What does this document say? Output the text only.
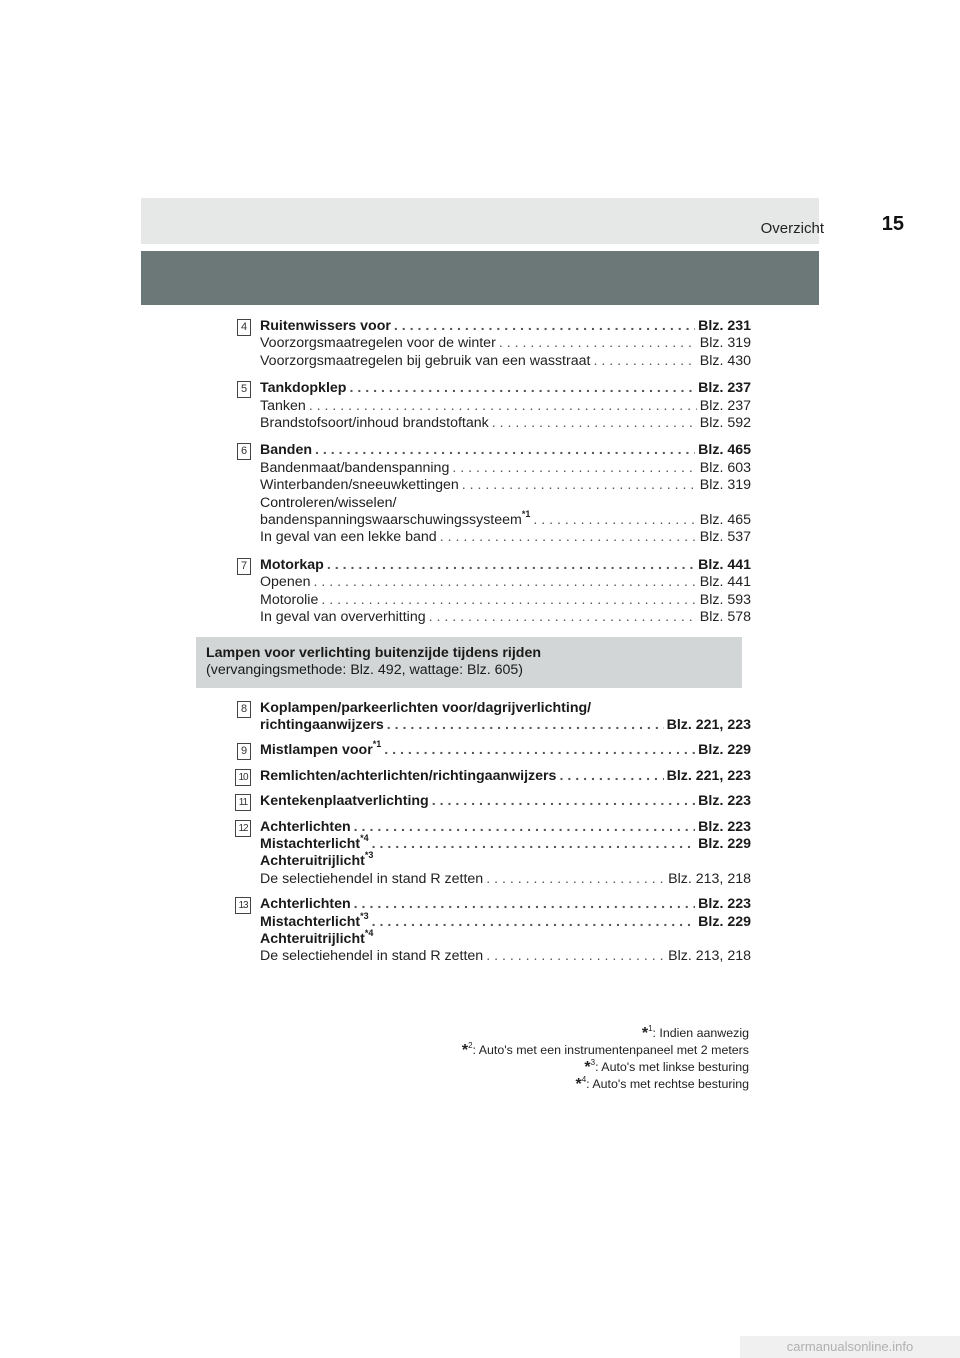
Overzicht	15
4 Ruitenwissers voor . . .	Blz. 231
Voorzorgsmaatregelen voor de winter . . .	Blz. 319
Voorzorgsmaatregelen bij gebruik van een wasstraat . . .	Blz. 430
5 Tankdopklep . . .	Blz. 237
Tanken . . .	Blz. 237
Brandstofsoort/inhoud brandstoftank . . .	Blz. 592
6 Banden . . .	Blz. 465
Bandenmaat/bandenspanning . . .	Blz. 603
Winterbanden/sneeuwkettingen . . .	Blz. 319
Controleren/wisselen/
bandenspanningswaarschuwingssysteem$^{*1}$ . . .	Blz. 465
In geval van een lekke band . . .	Blz. 537
7 Motorkap . . .	Blz. 441
Openen . . .	Blz. 441
Motorolie . . .	Blz. 593
In geval van oververhitting . . .	Blz. 578
Lampen voor verlichting buitenzijde tijdens rijden
(vervangingsmethode: Blz. 492, wattage: Blz. 605)
8 Koplampen/parkeerlichten voor/dagrijverlichting/
richtingaanwijzers . . .	Blz. 221, 223
9 Mistlampen voor$^{*1}$ . . .	Blz. 229
10 Remlichten/achterlichten/richtingaanwijzers . . .	Blz. 221, 223
11 Kentekenplaatverlichting . . .	Blz. 223
12 Achterlichten . . .	Blz. 223
Mistachterlicht$^{*4}$ . . .	Blz. 229
Achteruitrijlicht$^{*3}$
De selectiehendel in stand R zetten . . .	Blz. 213, 218
13 Achterlichten . . .	Blz. 223
Mistachterlicht$^{*3}$ . . .	Blz. 229
Achteruitrijlicht$^{*4}$
De selectiehendel in stand R zetten . . .	Blz. 213, 218
*$^1$: Indien aanwezig
*$^2$: Auto's met een instrumentenpaneel met 2 meters
*$^3$: Auto's met linkse besturing
*$^4$: Auto's met rechtse besturing
carmanualsonline.info
